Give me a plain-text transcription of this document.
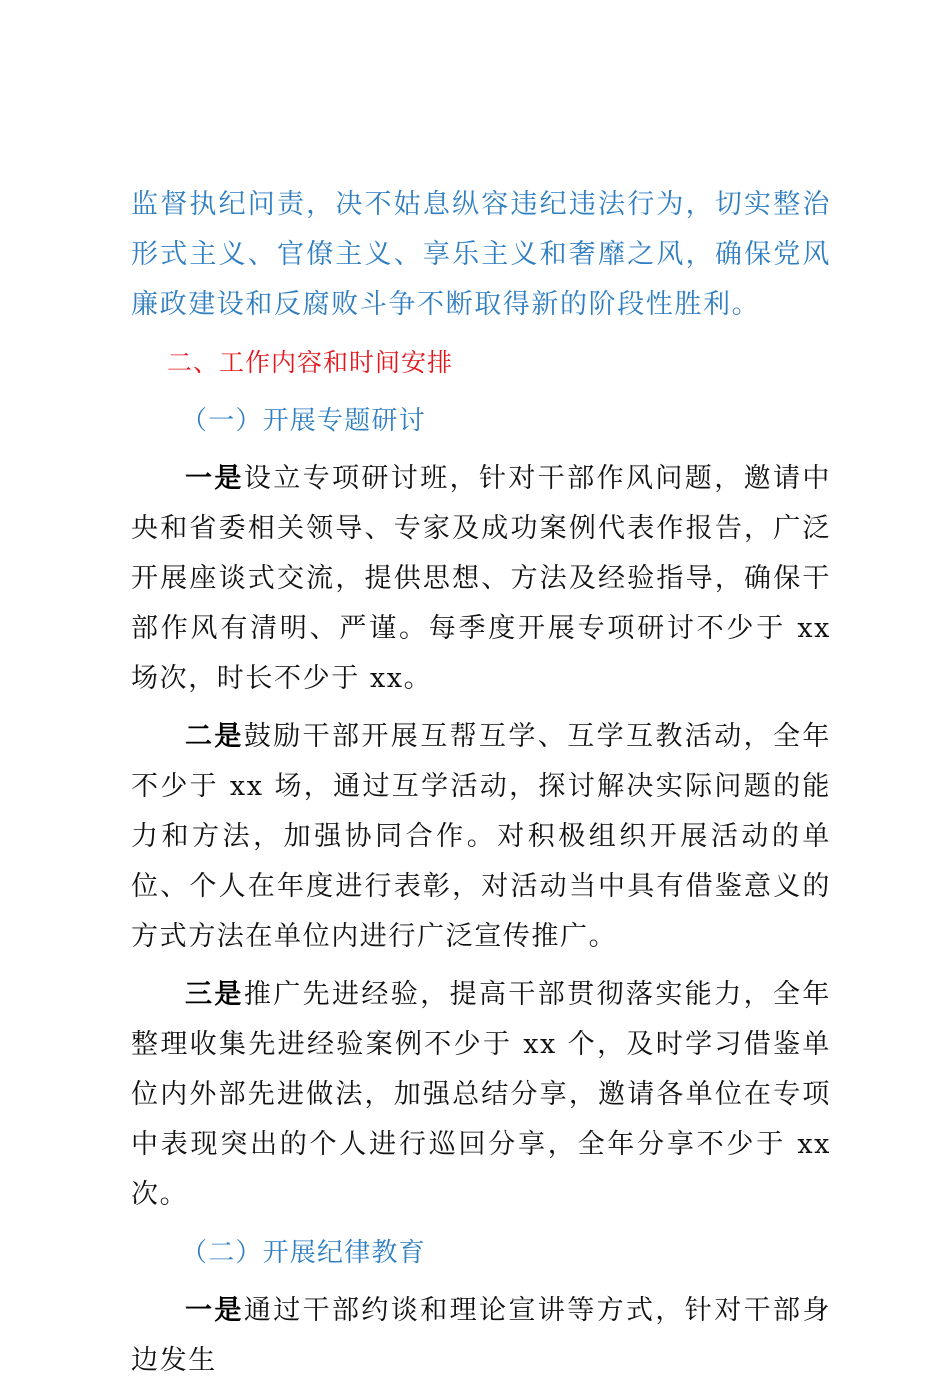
监督执纪问责，决不姑息纵容违纪违法行为，切实整治形式主义、官僚主义、享乐主义和奢靡之风，确保党风廉政建设和反腐败斗争不断取得新的阶段性胜利。

二、工作内容和时间安排

（一）开展专题研讨

一是设立专项研讨班，针对干部作风问题，邀请中央和省委相关领导、专家及成功案例代表作报告，广泛开展座谈式交流，提供思想、方法及经验指导，确保干部作风有清明、严谨。每季度开展专项研讨不少于 xx 场次，时长不少于 xx。

二是鼓励干部开展互帮互学、互学互教活动，全年不少于 xx 场，通过互学活动，探讨解决实际问题的能力和方法，加强协同合作。对积极组织开展活动的单位、个人在年度进行表彰，对活动当中具有借鉴意义的方式方法在单位内进行广泛宣传推广。

三是推广先进经验，提高干部贯彻落实能力，全年整理收集先进经验案例不少于 xx 个，及时学习借鉴单位内外部先进做法，加强总结分享，邀请各单位在专项中表现突出的个人进行巡回分享，全年分享不少于 xx 次。

（二）开展纪律教育

一是通过干部约谈和理论宣讲等方式，针对干部身边发生
